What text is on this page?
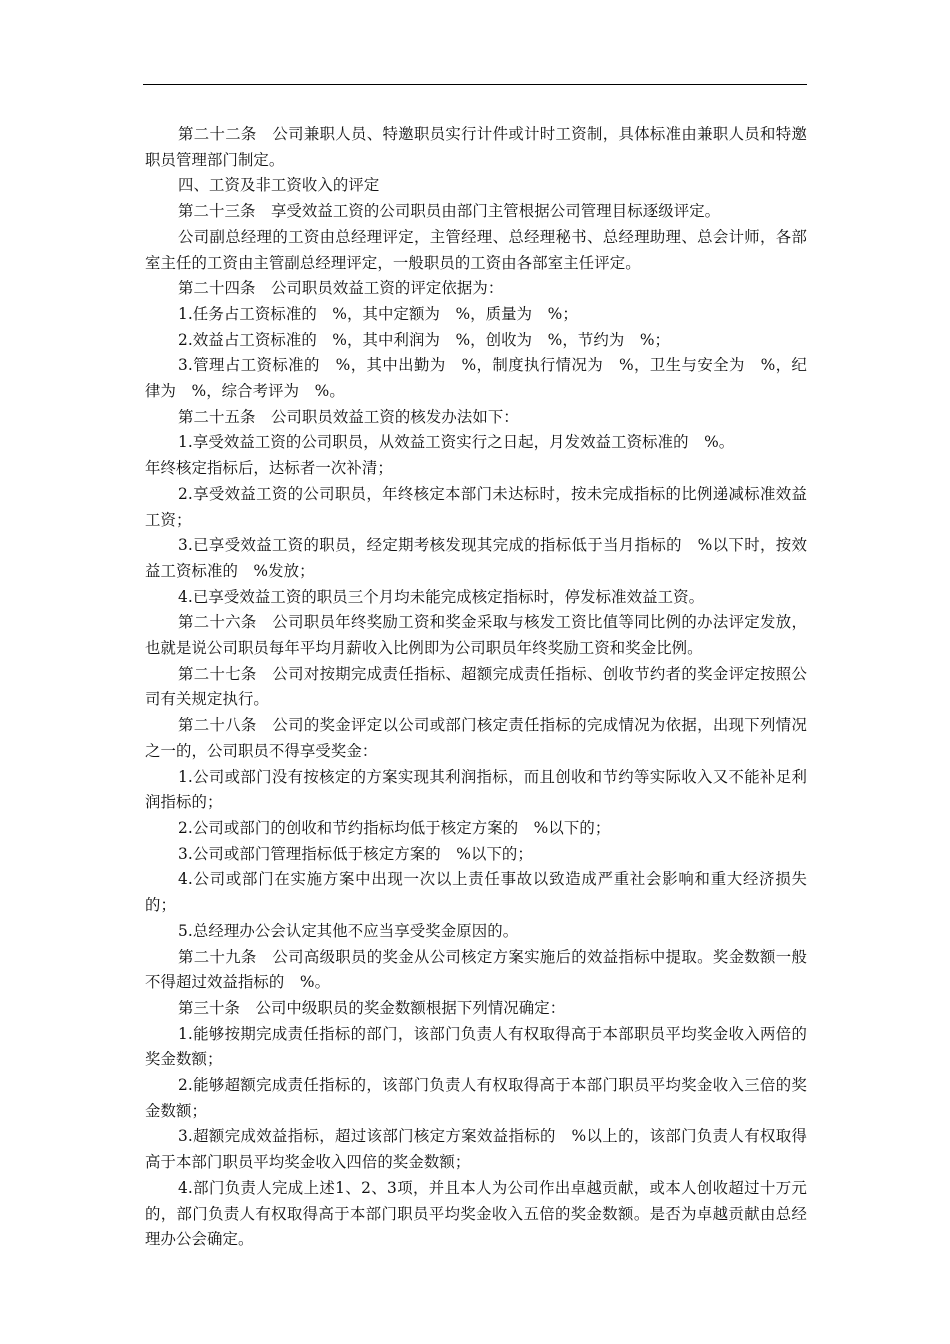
第二十二条　公司兼职人员、特邀职员实行计件或计时工资制，具体标准由兼职人员和特邀职员管理部门制定。

四、工资及非工资收入的评定

第二十三条　享受效益工资的公司职员由部门主管根据公司管理目标逐级评定。

公司副总经理的工资由总经理评定，主管经理、总经理秘书、总经理助理、总会计师，各部室主任的工资由主管副总经理评定，一般职员的工资由各部室主任评定。

第二十四条　公司职员效益工资的评定依据为：

1.任务占工资标准的　%，其中定额为　%，质量为　%；

2.效益占工资标准的　%，其中利润为　%，创收为　%，节约为　%；

3.管理占工资标准的　%，其中出勤为　%，制度执行情况为　%，卫生与安全为　%，纪律为　%，综合考评为　%。

第二十五条　公司职员效益工资的核发办法如下：

1.享受效益工资的公司职员，从效益工资实行之日起，月发效益工资标准的　%。

年终核定指标后，达标者一次补清；

2.享受效益工资的公司职员，年终核定本部门未达标时，按未完成指标的比例递减标准效益工资；

3.已享受效益工资的职员，经定期考核发现其完成的指标低于当月指标的　%以下时，按效益工资标准的　%发放；

4.已享受效益工资的职员三个月均未能完成核定指标时，停发标准效益工资。

第二十六条　公司职员年终奖励工资和奖金采取与核发工资比值等同比例的办法评定发放，也就是说公司职员每年平均月薪收入比例即为公司职员年终奖励工资和奖金比例。

第二十七条　公司对按期完成责任指标、超额完成责任指标、创收节约者的奖金评定按照公司有关规定执行。

第二十八条　公司的奖金评定以公司或部门核定责任指标的完成情况为依据，出现下列情况之一的，公司职员不得享受奖金：

1.公司或部门没有按核定的方案实现其利润指标，而且创收和节约等实际收入又不能补足利润指标的；

2.公司或部门的创收和节约指标均低于核定方案的　%以下的；

3.公司或部门管理指标低于核定方案的　%以下的；

4.公司或部门在实施方案中出现一次以上责任事故以致造成严重社会影响和重大经济损失的；

5.总经理办公会认定其他不应当享受奖金原因的。

第二十九条　公司高级职员的奖金从公司核定方案实施后的效益指标中提取。奖金数额一般不得超过效益指标的　%。

第三十条　公司中级职员的奖金数额根据下列情况确定：

1.能够按期完成责任指标的部门，该部门负责人有权取得高于本部职员平均奖金收入两倍的奖金数额；

2.能够超额完成责任指标的，该部门负责人有权取得高于本部门职员平均奖金收入三倍的奖金数额；

3.超额完成效益指标，超过该部门核定方案效益指标的　%以上的，该部门负责人有权取得高于本部门职员平均奖金收入四倍的奖金数额；

4.部门负责人完成上述1、2、3项，并且本人为公司作出卓越贡献，或本人创收超过十万元的，部门负责人有权取得高于本部门职员平均奖金收入五倍的奖金数额。是否为卓越贡献由总经理办公会确定。
